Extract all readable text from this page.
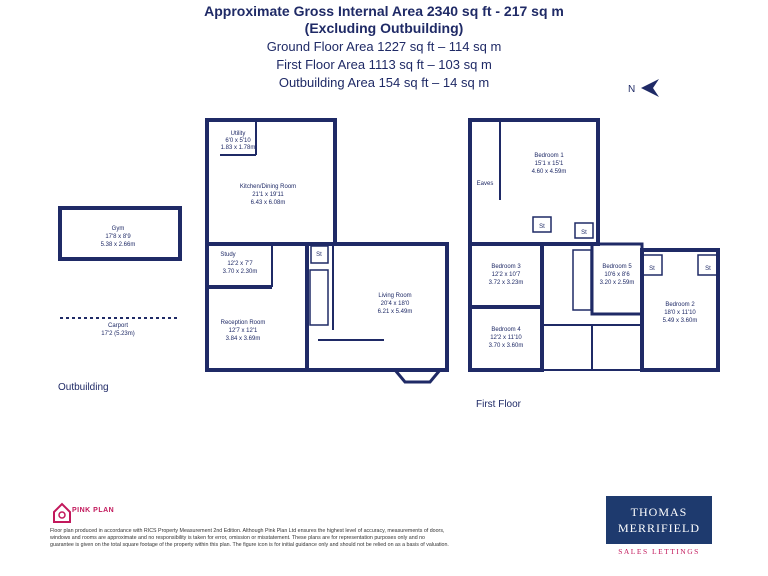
Approximate Gross Internal Area 2340 sq ft - 217 sq m
(Excluding Outbuilding)
Ground Floor Area 1227 sq ft – 114 sq m
First Floor Area 1113 sq ft – 103 sq m
Outbuilding Area 154 sq ft – 14 sq m	N
Utility
6'0 x 5'10
1.83 x 1.78m
Kitchen/Dining Room
21'1 x 19'11
6.43 x 6.08m
Study
12'2 x 7'7
3.70 x 2.30m
Reception Room
12'7 x 12'1
3.84 x 3.69m
Living Room
20'4 x 18'0
6.21 x 5.49m
St
Gym
17'8 x 8'9
5.38 x 2.66m
Carport
17'2 (5.23m)
Bedroom 1
15'1 x 15'1
4.60 x 4.59m
Eaves
Bedroom 3
12'2 x 10'7
3.72 x 3.23m
Bedroom 4
12'2 x 11'10
3.70 x 3.60m
Bedroom 5
10'6 x 8'6
3.20 x 2.59m
Bedroom 2
18'0 x 11'10
5.49 x 3.60m
St
St
St	St
Outbuilding
First Floor
PINK PLAN
Floor plan produced in accordance with RICS Property Measurement 2nd Edition. Although Pink Plan Ltd ensures the highest level of accuracy, measurements of doors, windows and rooms are approximate and no responsibility is taken for error, omission or misstatement. These plans are for representation purposes only and no guarantee is given on the total square footage of the property within this plan. The figure icon is for initial guidance only and should not be relied on as a basis of valuation.
THOMAS
MERRIFIELD
SALES LETTINGS
